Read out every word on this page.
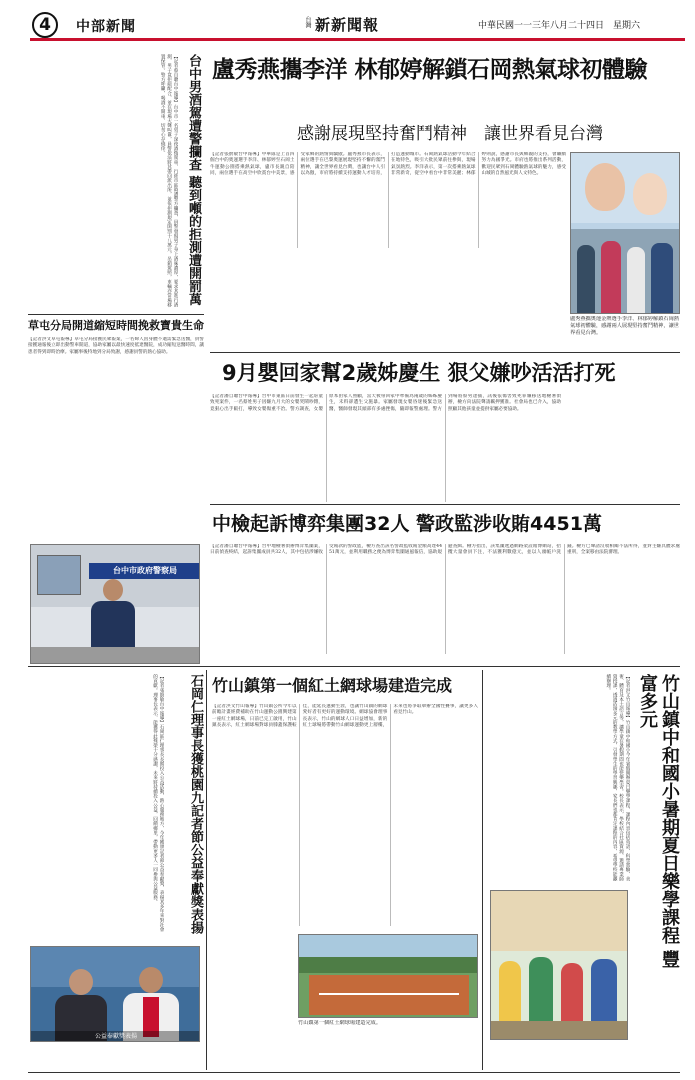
4	中部新聞	台灣 新新聞報	中華民國一一三年八月二十四日　星期六
台中男酒駕遭警攔查 聽到噸的拒測遭開罰萬
【記者蔡自聰台中報導】台中市一名男子深夜酒後駕車，行經市區時遭警方攔查，員警發現男子身上酒味濃厚，要求其進行酒測，男子竟拒絕配合，並在現場大聲叫囂，員警依法將其帶回派出所，並依拒測規定開罰十八萬元，吊銷駕照，車輛亦當場移置保管。警方呼籲，喝酒不開車，切勿心存僥倖。
草屯分局開道縮短時間挽救寶貴生命
【記者洪文草屯報導】草屯分局接獲民眾報案，一名婦人因身體不適需緊急送醫，員警接獲通報後立即出動警車開道，協助家屬以最快速度抵達醫院，成功縮短送醫時間，讓患者得到即時治療。家屬事後特地到分局致謝，感謝員警的熱心協助。
台中市政府警察局
盧秀燕攜李洋 林郁婷解鎖石岡熱氣球初體驗
感謝展現堅持奮鬥精神　讓世界看見台灣
【記者張廚敏台中報導】中華隊是上首四個台中的奧運選手李洋、林郁婷至石岡土牛運動公園搭乘熱氣球，盧市長親自陪同，兩位選手在高空中欣賞台中美景，感受家鄉的熱情與驕傲。盧秀燕市長表示，兩位選手在巴黎奧運展現堅持不懈的奮鬥精神，讓全世界看見台灣，也讓台中人引以為傲，市府將持續支持運動人才培育，打造運動城市。石岡熱氣球活動今年結合在地特色，吸引大批民眾前往參與，現場氣氛熱烈。李洋表示，第一次搭乘熱氣球非常新奇，從空中看台中非常美麗；林郁婷則說，感謝市長與鄉親的支持，會繼續努力為國爭光。市府也將推出系列活動，歡迎民眾到石岡體驗熱氣球的魅力，感受山城的自然風光與人文特色。
盧秀燕攜奧運金牌選手李洋、林郁婷解鎖石岡熱氣球初體驗，感謝兩人展現堅持奮鬥精神，讓世界看見台灣。
9月嬰回家幫2歲姊慶生 狠父嫌吵活活打死
【記者潘自聰台中報導】台中市東區日前發生一起虐童致死案件，一名蔡姓男子因嫌九月大的女嬰哭鬧吵雜，竟狠心出手毆打，導致女嬰傷重不治。警方調查，女嬰原本由家人照顧，當天被帶回家中準備為兩歲的姊姊慶生，未料卻遭生父施暴。家屬發現女嬰昏迷後緊急送醫，醫師發現其頭部有多處挫傷，隨即報警處理。警方到場將蔡男逮捕，訊後依傷害致死罪嫌移送地檢署偵辦，檢方向法院聲請羈押獲准。社會局也已介入，協助照顧其他孩童並提供家屬必要協助。
中檢起訴博弈集團32人 警政監涉收賄4451萬
【記者潘自聰台中報導】台中地檢署偵辦博弈集團案，日前偵查終結，起訴集團成員共32人，其中包括涉嫌收受賄款的警政監，檢方查出該名警政監收賄金額高達4451萬元，並利用職務之便為博弈集團通風報信，協助規避查緝。檢方指出，該集團透過網路架設賭博網站，招攬大量會員下注，不法獲利數億元，並以人頭帳戶洗錢。檢方已聲請沒收相關不法所得，並對主嫌具體求處重刑，全案移由法院審理。
石岡仁理事長獲桃園九記者節公益奉獻獎表揚
【記者張廚敏台中報導】石岡區仁理事長長期投入公益活動，熱心服務地方，今年獲頒記者節公益奉獻獎，表揚其多年來對社會的貢獻。理事長表示，能獲得此殊榮十分感謝，未來將持續投入公益，回饋鄉里，帶動更多人一同參與公益服務。
公益奉獻獎表揚
竹山鎮第一個紅土網球場建造完成
【記者洪文竹山報導】竹山鎮公所今年以前瞻計畫經費補助在竹山運動公園興建第一座紅土網球場，日前已完工啟用，竹山鎮長表示，紅土網球場對球員膝蓋保護較佳，能延長運動生涯，也讓竹山鎮的網球愛好者有更好的運動環境。網球協會理事長表示，竹山的網球人口日益增加，新的紅土球場將帶動竹山網球運動更上層樓，未來也將爭取舉辦全國性賽事，讓更多人看見竹山。
竹山鎮第一個紅土網球場建造完成。
竹山鎮中和國小暑期夏日樂學課程 豐富多元
【記者洪文竹山報導】竹山鎮中和國小今年暑假開辦夏日樂學課程，課程內容包括英語、科學實驗、美術、體育及本土語言等，讓學童在暑假期間也能快樂學習。校長表示，學校結合社區資源，邀請專業師資授課，透過活潑多元的教學方式，引發學生的學習興趣，家長們也都肯定課程的內容，希望學校能繼續辦理。
